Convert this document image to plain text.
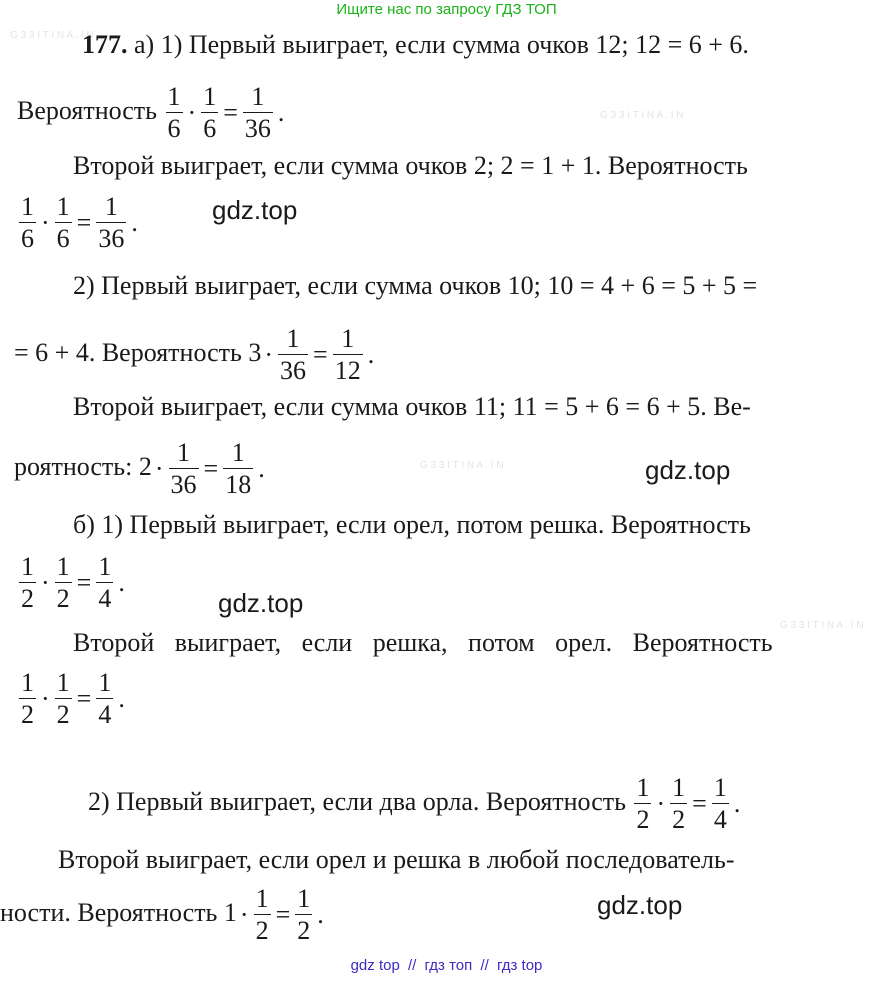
Ищите нас по запросу ГДЗ ТОП
G 3 3 I T I N A . I N
G 3 3 I T I N A . I N
G 3 3 I T I N A . I N
G 3 3 I T I N A . I N
177. а) 1) Первый выиграет, если сумма очков 12; 12 = 6 + 6.
Вероятность $\frac{1}{6} \cdot \frac{1}{6} = \frac{1}{36}$ .
Второй выиграет, если сумма очков 2; 2 = 1 + 1. Вероятность
$\frac{1}{6} \cdot \frac{1}{6} = \frac{1}{36}$ .
2) Первый выиграет, если сумма очков 10; 10 = 4 + 6 = 5 + 5 =
= 6 + 4. Вероятность $3 \cdot \frac{1}{36} = \frac{1}{12}$ .
Второй выиграет, если сумма очков 11; 11 = 5 + 6 = 6 + 5. Ве-
роятность: $2 \cdot \frac{1}{36} = \frac{1}{18}$ .
б) 1) Первый выиграет, если орел, потом решка. Вероятность
$\frac{1}{2} \cdot \frac{1}{2} = \frac{1}{4}$ .
Второй выиграет, если решка, потом орел. Вероятность
$\frac{1}{2} \cdot \frac{1}{2} = \frac{1}{4}$ .
2) Первый выиграет, если два орла. Вероятность $\frac{1}{2} \cdot \frac{1}{2} = \frac{1}{4}$ .
Второй выиграет, если орел и решка в любой последователь-
ности. Вероятность $1 \cdot \frac{1}{2} = \frac{1}{2}$ .
gdz.top
gdz.top
gdz.top
gdz.top
gdz top // гдз топ // гдз top
